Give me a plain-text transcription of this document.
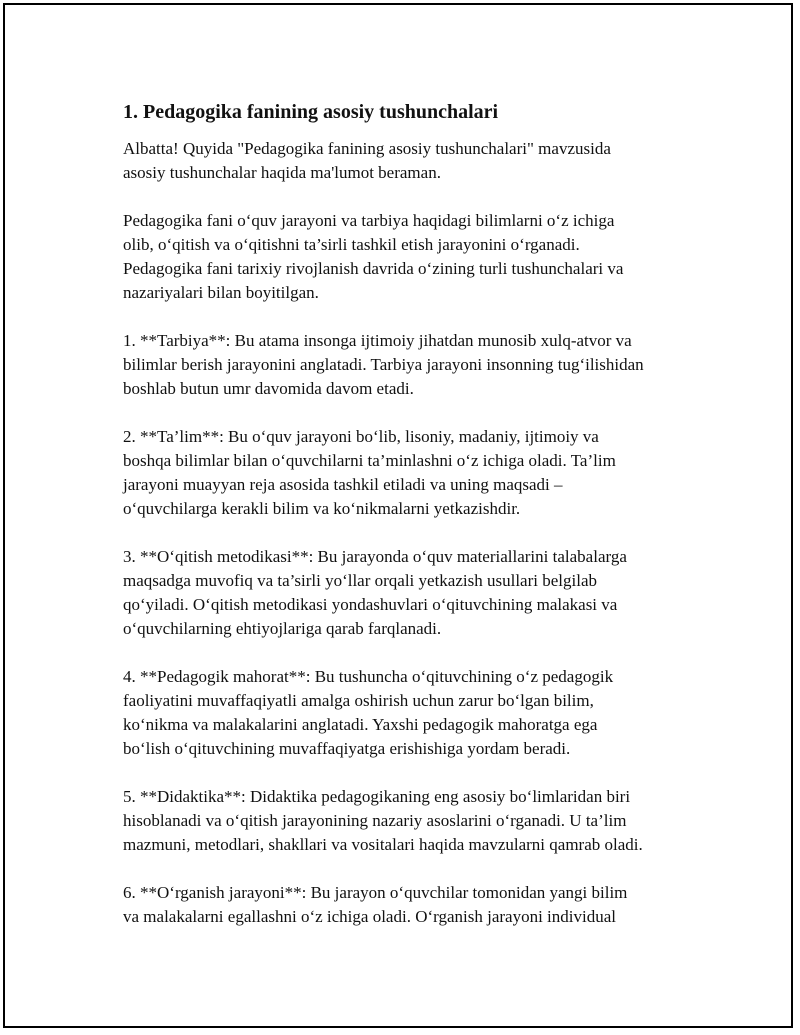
1. Pedagogika fanining asosiy tushunchalari

Albatta! Quyida "Pedagogika fanining asosiy tushunchalari" mavzusida
asosiy tushunchalar haqida ma'lumot beraman.

Pedagogika fani o‘quv jarayoni va tarbiya haqidagi bilimlarni o‘z ichiga
olib, o‘qitish va o‘qitishni ta’sirli tashkil etish jarayonini o‘rganadi.
Pedagogika fani tarixiy rivojlanish davrida o‘zining turli tushunchalari va
nazariyalari bilan boyitilgan.

1. **Tarbiya**: Bu atama insonga ijtimoiy jihatdan munosib xulq-atvor va
bilimlar berish jarayonini anglatadi. Tarbiya jarayoni insonning tug‘ilishidan
boshlab butun umr davomida davom etadi.

2. **Ta’lim**: Bu o‘quv jarayoni bo‘lib, lisoniy, madaniy, ijtimoiy va
boshqa bilimlar bilan o‘quvchilarni ta’minlashni o‘z ichiga oladi. Ta’lim
jarayoni muayyan reja asosida tashkil etiladi va uning maqsadi –
o‘quvchilarga kerakli bilim va ko‘nikmalarni yetkazishdir.

3. **O‘qitish metodikasi**: Bu jarayonda o‘quv materiallarini talabalarga
maqsadga muvofiq va ta’sirli yo‘llar orqali yetkazish usullari belgilab
qo‘yiladi. O‘qitish metodikasi yondashuvlari o‘qituvchining malakasi va
o‘quvchilarning ehtiyojlariga qarab farqlanadi.

4. **Pedagogik mahorat**: Bu tushuncha o‘qituvchining o‘z pedagogik
faoliyatini muvaffaqiyatli amalga oshirish uchun zarur bo‘lgan bilim,
ko‘nikma va malakalarini anglatadi. Yaxshi pedagogik mahoratga ega
bo‘lish o‘qituvchining muvaffaqiyatga erishishiga yordam beradi.

5. **Didaktika**: Didaktika pedagogikaning eng asosiy bo‘limlaridan biri
hisoblanadi va o‘qitish jarayonining nazariy asoslarini o‘rganadi. U ta’lim
mazmuni, metodlari, shakllari va vositalari haqida mavzularni qamrab oladi.

6. **O‘rganish jarayoni**: Bu jarayon o‘quvchilar tomonidan yangi bilim
va malakalarni egallashni o‘z ichiga oladi. O‘rganish jarayoni individual
